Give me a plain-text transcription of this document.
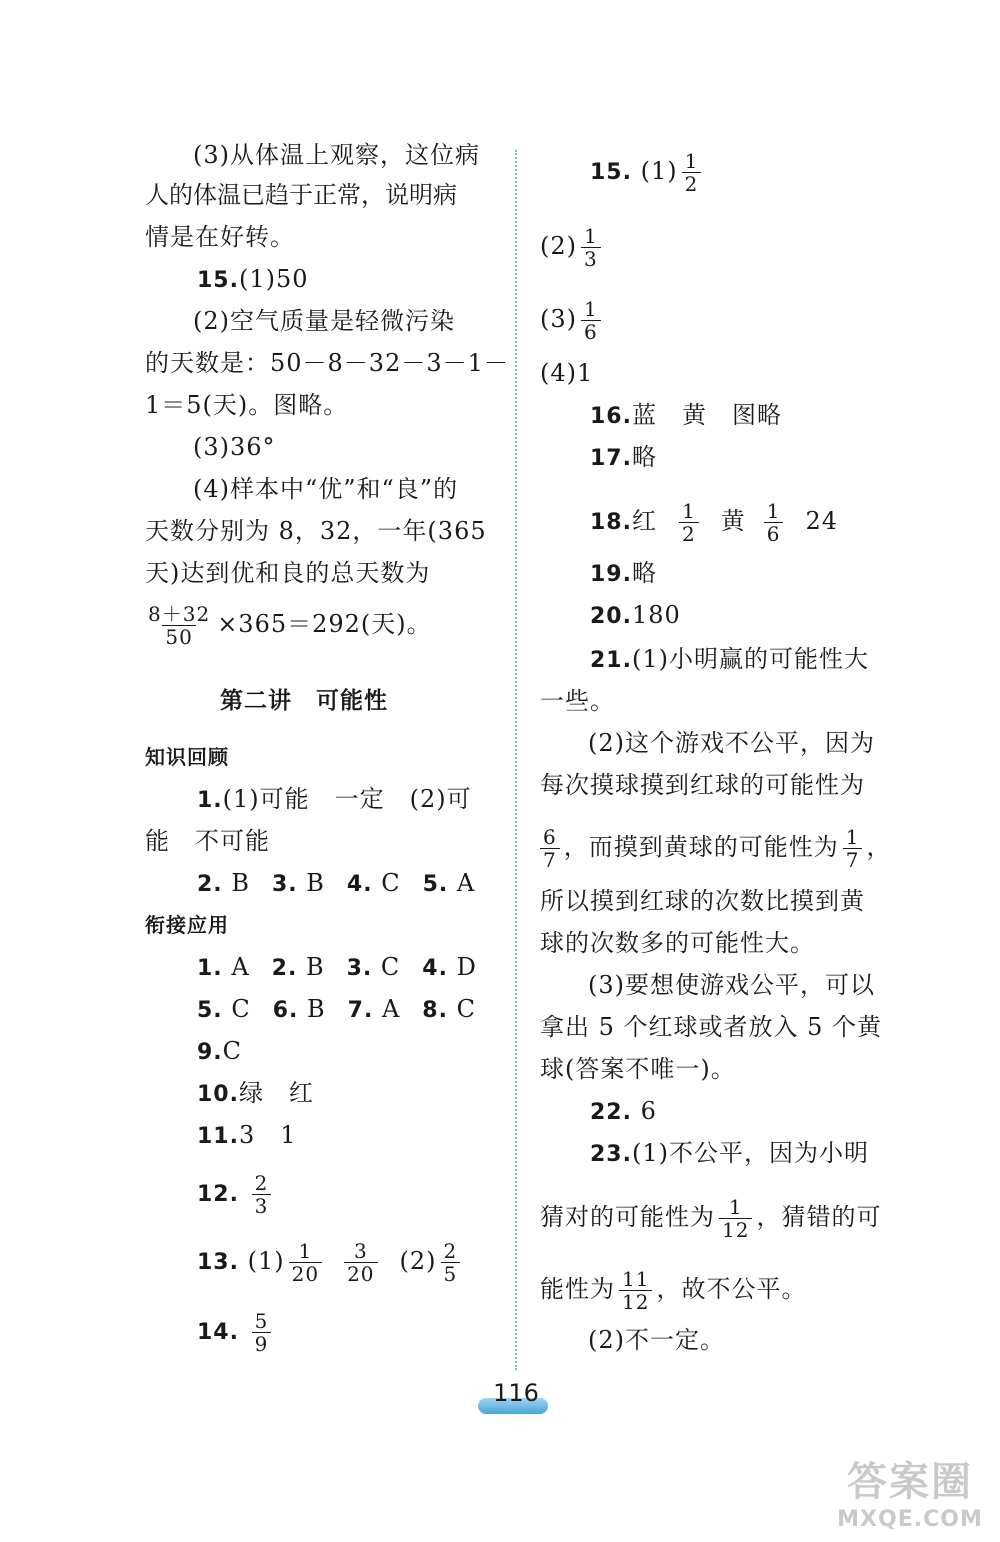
(3)从体温上观察，这位病
人的体温已趋于正常，说明病
情是在好转。
15.(1)50
(2)空气质量是轻微污染
的天数是：50－8－32－3－1－
1＝5(天)。图略。
(3)36°
(4)样本中“优”和“良”的
天数分别为 8，32，一年(365
天)达到优和良的总天数为
$\frac{8+32}{50} \times 365=292$(天)。
第二讲　可能性
知识回顾
1.(1)可能　一定　(2)可
能　不可能
2. B 3. B 4. C 5. A
衔接应用
1. A 2. B 3. C 4. D
5. C 6. B 7. A 8. C
9.C
10.绿　红
11.3　1
12. $\frac{2}{3}$
13. $(1) \frac{1}{20} \frac{3}{20} (2) \frac{2}{5}$
14. $\frac{5}{9}$
15. $(1) \frac{1}{2}$
$(2) \frac{1}{3}$
$(3) \frac{1}{6}$
(4)1
16.蓝　黄　图略
17.略
18.红 $\frac{1}{2}$ 黄 $\frac{1}{6} 24$
19.略
20.180
21.(1)小明赢的可能性大
一些。
(2)这个游戏不公平，因为
每次摸球摸到红球的可能性为
$\frac{6}{7}$ ，而摸到黄球的可能性为 $\frac{1}{7}$ ，
所以摸到红球的次数比摸到黄
球的次数多的可能性大。
(3)要想使游戏公平，可以
拿出 5 个红球或者放入 5 个黄
球(答案不唯一)。
22. 6
23.(1)不公平，因为小明
猜对的可能性为 $\frac{1}{12}$ ，猜错的可
能性为 $\frac{11}{12}$ ，故不公平。
(2)不一定。
116
答案圈
MXQE.COM
